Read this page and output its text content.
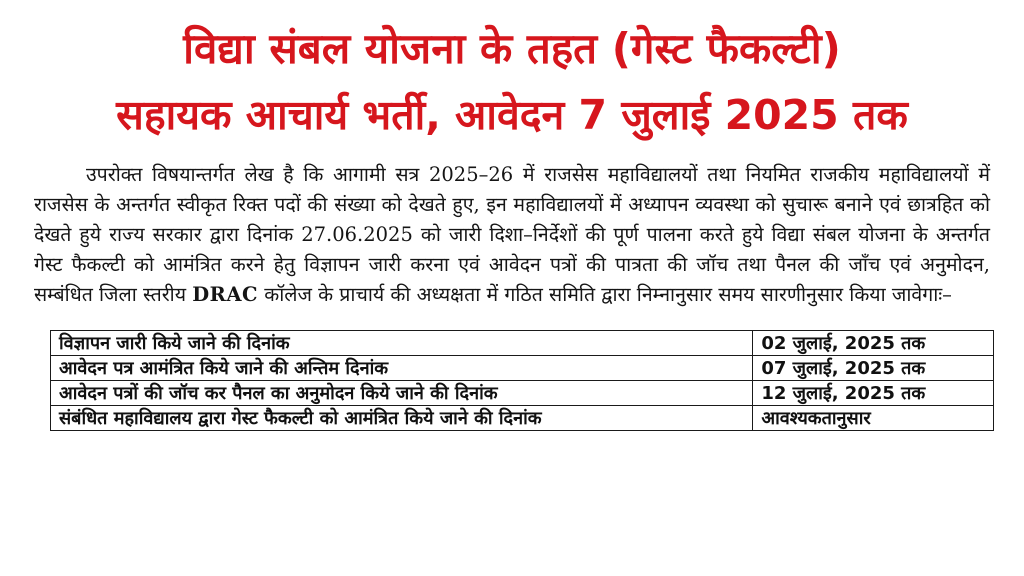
विद्या संबल योजना के तहत (गेस्ट फैकल्टी)
सहायक आचार्य भर्ती, आवेदन 7 जुलाई 2025 तक

उपरोक्त विषयान्तर्गत लेख है कि आगामी सत्र 2025–26 में राजसेस महाविद्यालयों तथा नियमित राजकीय महाविद्यालयों में राजसेस के अन्तर्गत स्वीकृत रिक्त पदों की संख्या को देखते हुए, इन महाविद्यालयों में अध्यापन व्यवस्था को सुचारू बनाने एवं छात्रहित को देखते हुये राज्य सरकार द्वारा दिनांक 27.06.2025 को जारी दिशा–निर्देशों की पूर्ण पालना करते हुये विद्या संबल योजना के अन्तर्गत गेस्ट फैकल्टी को आमंत्रित करने हेतु विज्ञापन जारी करना एवं आवेदन पत्रों की पात्रता की जॉच तथा पैनल की जाँच एवं अनुमोदन, सम्बंधित जिला स्तरीय DRAC कॉलेज के प्राचार्य की अध्यक्षता में गठित समिति द्वारा निम्नानुसार समय सारणीनुसार किया जावेगाः–

विज्ञापन जारी किये जाने की दिनांक	02 जुलाई, 2025 तक
आवेदन पत्र आमंत्रित किये जाने की अन्तिम दिनांक	07 जुलाई, 2025 तक
आवेदन पत्रों की जॉच कर पैनल का अनुमोदन किये जाने की दिनांक	12 जुलाई, 2025 तक
संबंधित महाविद्यालय द्वारा गेस्ट फैकल्टी को आमंत्रित किये जाने की दिनांक	आवश्यकतानुसार
